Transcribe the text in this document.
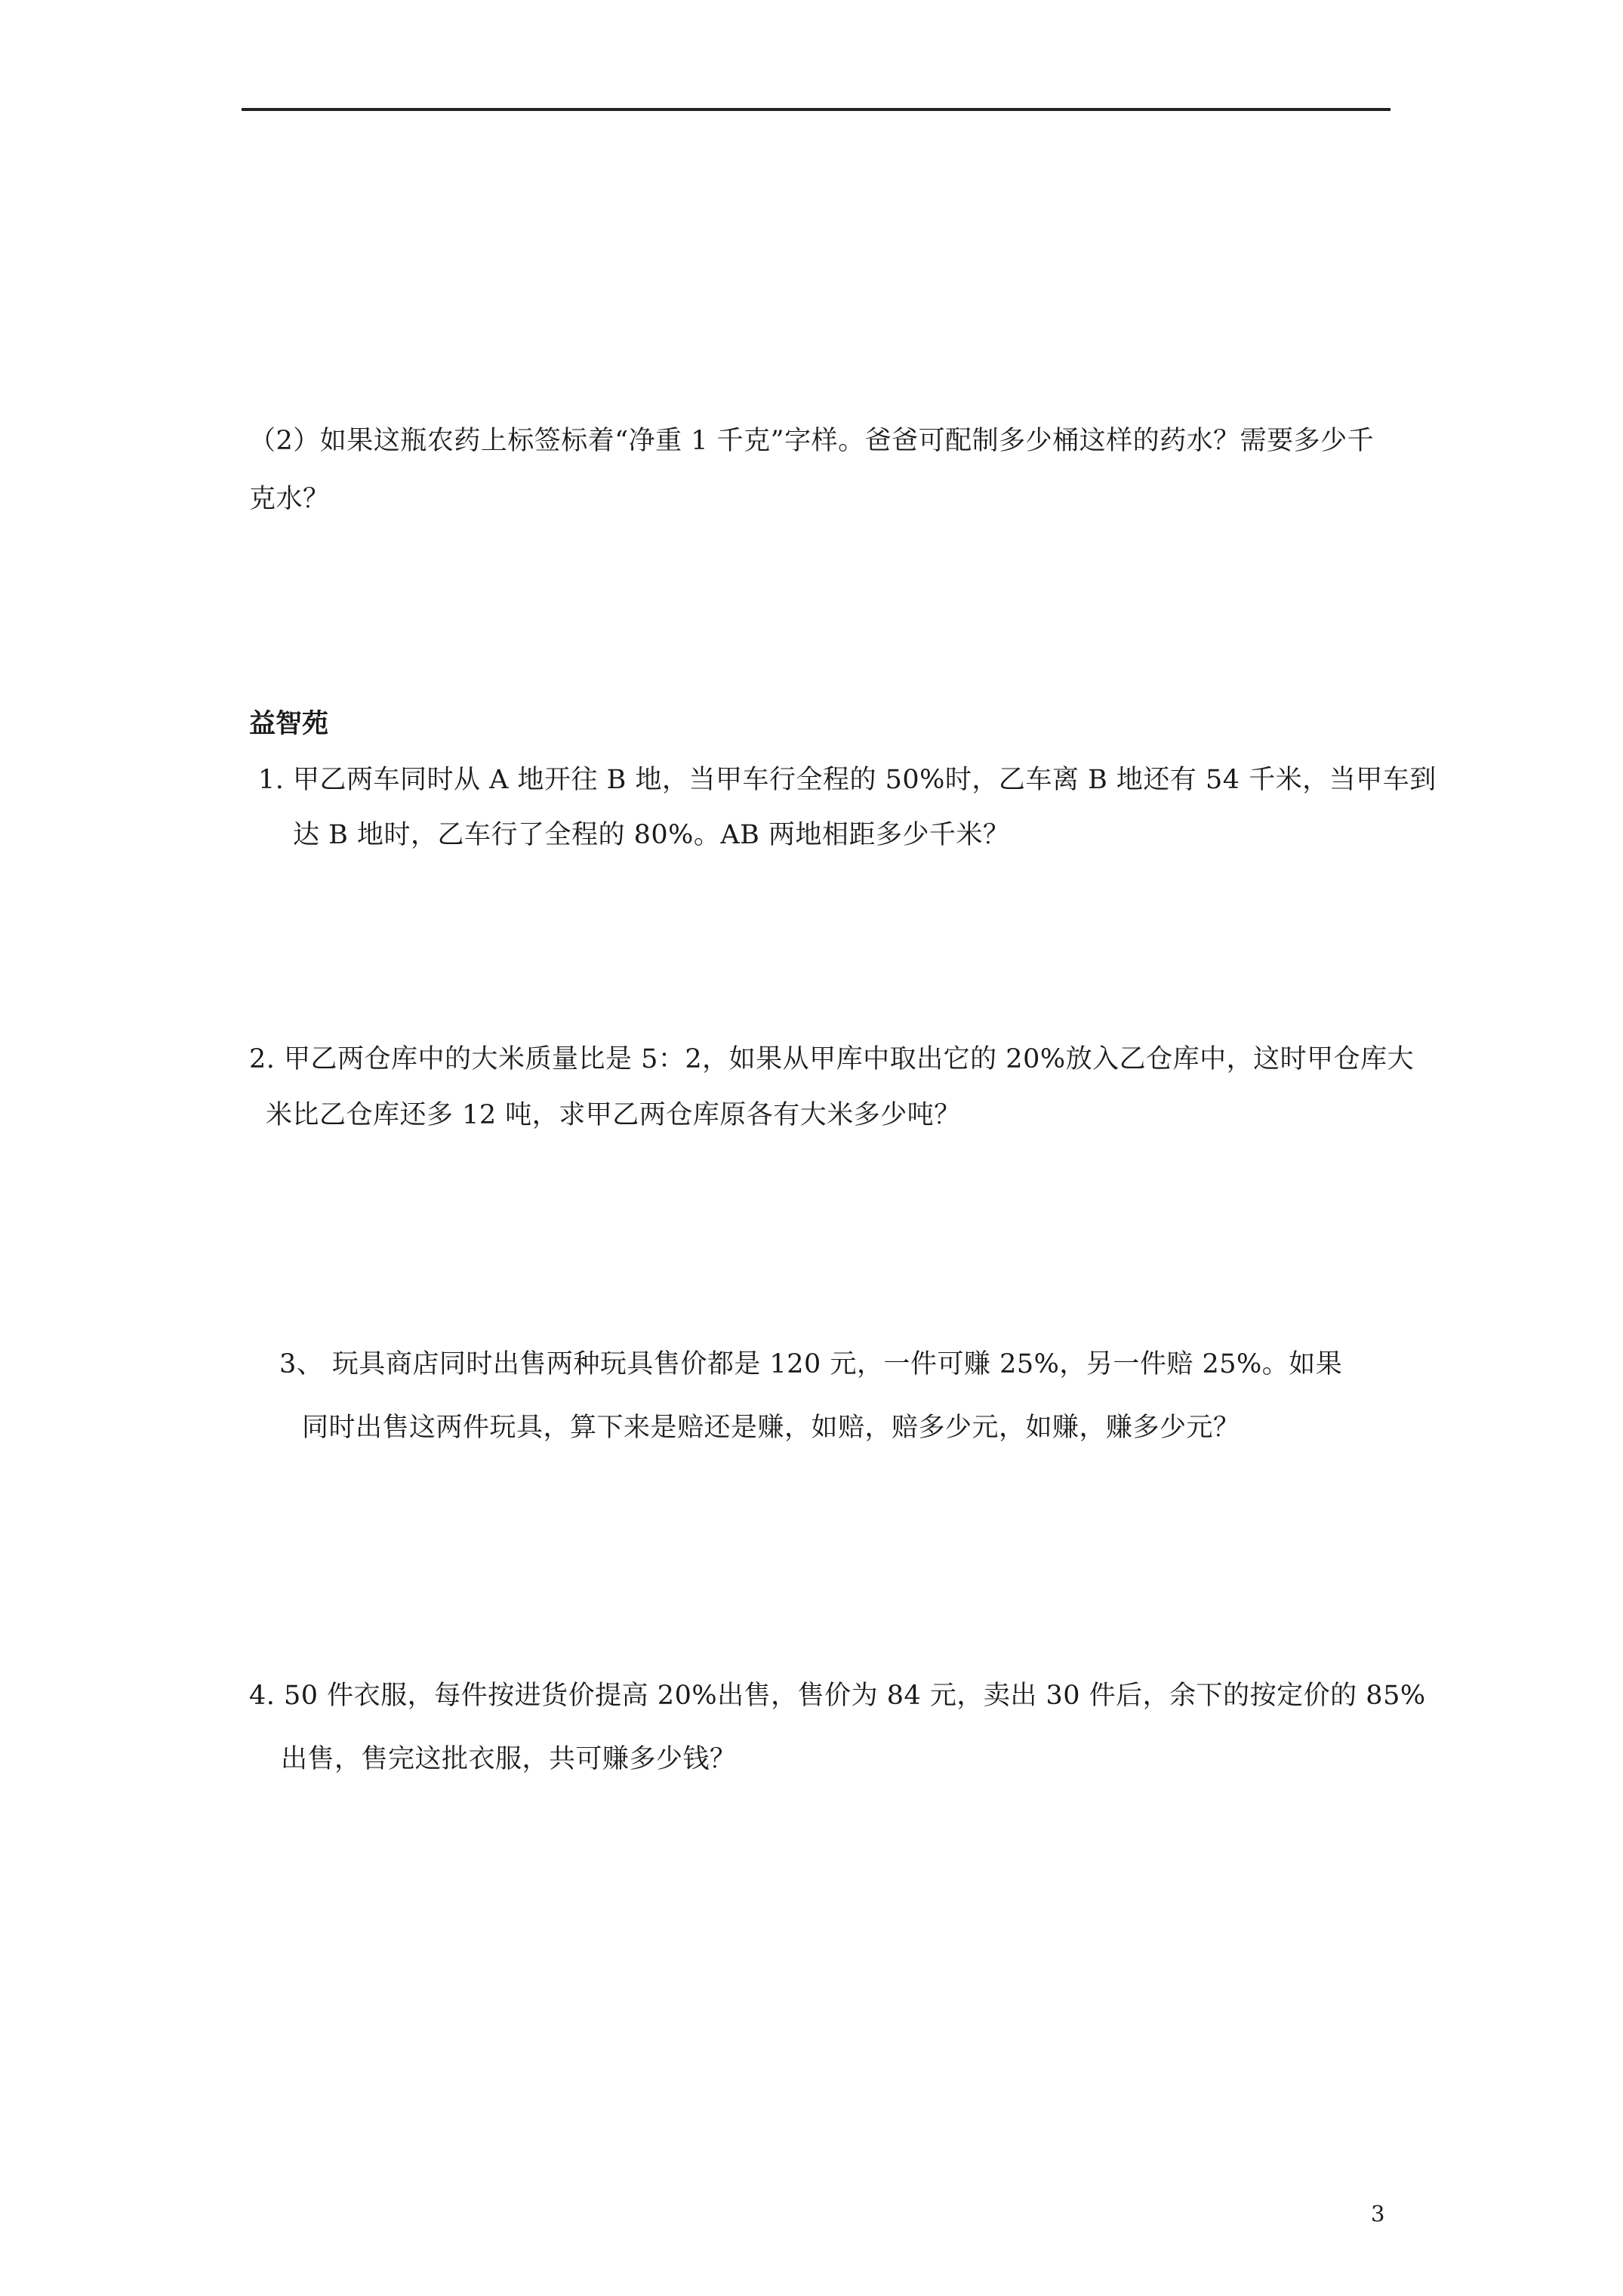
（2）如果这瓶农药上标签标着“净重 1 千克”字样。爸爸可配制多少桶这样的药水？需要多少千
克水？
益智苑
1. 甲乙两车同时从 A 地开往 B 地，当甲车行全程的 50%时，乙车离 B 地还有 54 千米，当甲车到
达 B 地时，乙车行了全程的 80%。AB 两地相距多少千米？
2. 甲乙两仓库中的大米质量比是 5：2，如果从甲库中取出它的 20%放入乙仓库中，这时甲仓库大
米比乙仓库还多 12 吨，求甲乙两仓库原各有大米多少吨？
3、 玩具商店同时出售两种玩具售价都是 120 元，一件可赚 25%，另一件赔 25%。如果
同时出售这两件玩具，算下来是赔还是赚，如赔，赔多少元，如赚，赚多少元？
4. 50 件衣服，每件按进货价提高 20%出售，售价为 84 元，卖出 30 件后，余下的按定价的 85%
出售，售完这批衣服，共可赚多少钱？
3
